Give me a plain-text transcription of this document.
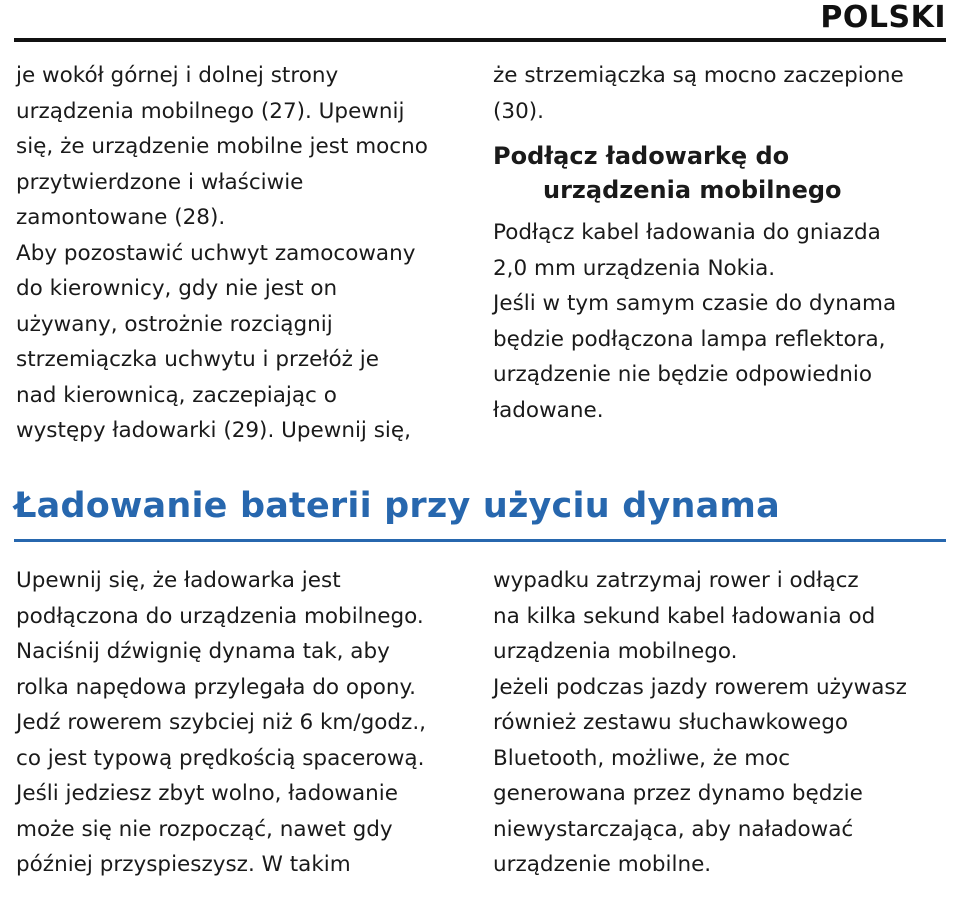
POLSKI

je wokół górnej i dolnej strony
urządzenia mobilnego (27). Upewnij
się, że urządzenie mobilne jest mocno
przytwierdzone i właściwie
zamontowane (28).

Aby pozostawić uchwyt zamocowany
do kierownicy, gdy nie jest on
używany, ostrożnie rozciągnij
strzemiączka uchwytu i przełóż je
nad kierownicą, zaczepiając o
występy ładowarki (29). Upewnij się,

że strzemiączka są mocno zaczepione
(30).

Podłącz ładowarkę do
urządzenia mobilnego

Podłącz kabel ładowania do gniazda
2,0 mm urządzenia Nokia.

Jeśli w tym samym czasie do dynama
będzie podłączona lampa reflektora,
urządzenie nie będzie odpowiednio
ładowane.

Ładowanie baterii przy użyciu dynama

Upewnij się, że ładowarka jest
podłączona do urządzenia mobilnego.

Naciśnij dźwignię dynama tak, aby
rolka napędowa przylegała do opony.

Jedź rowerem szybciej niż 6 km/godz.,
co jest typową prędkością spacerową.
Jeśli jedziesz zbyt wolno, ładowanie
może się nie rozpocząć, nawet gdy
później przyspieszysz. W takim

wypadku zatrzymaj rower i odłącz
na kilka sekund kabel ładowania od
urządzenia mobilnego.

Jeżeli podczas jazdy rowerem używasz
również zestawu słuchawkowego
Bluetooth, możliwe, że moc
generowana przez dynamo będzie
niewystarczająca, aby naładować
urządzenie mobilne.
